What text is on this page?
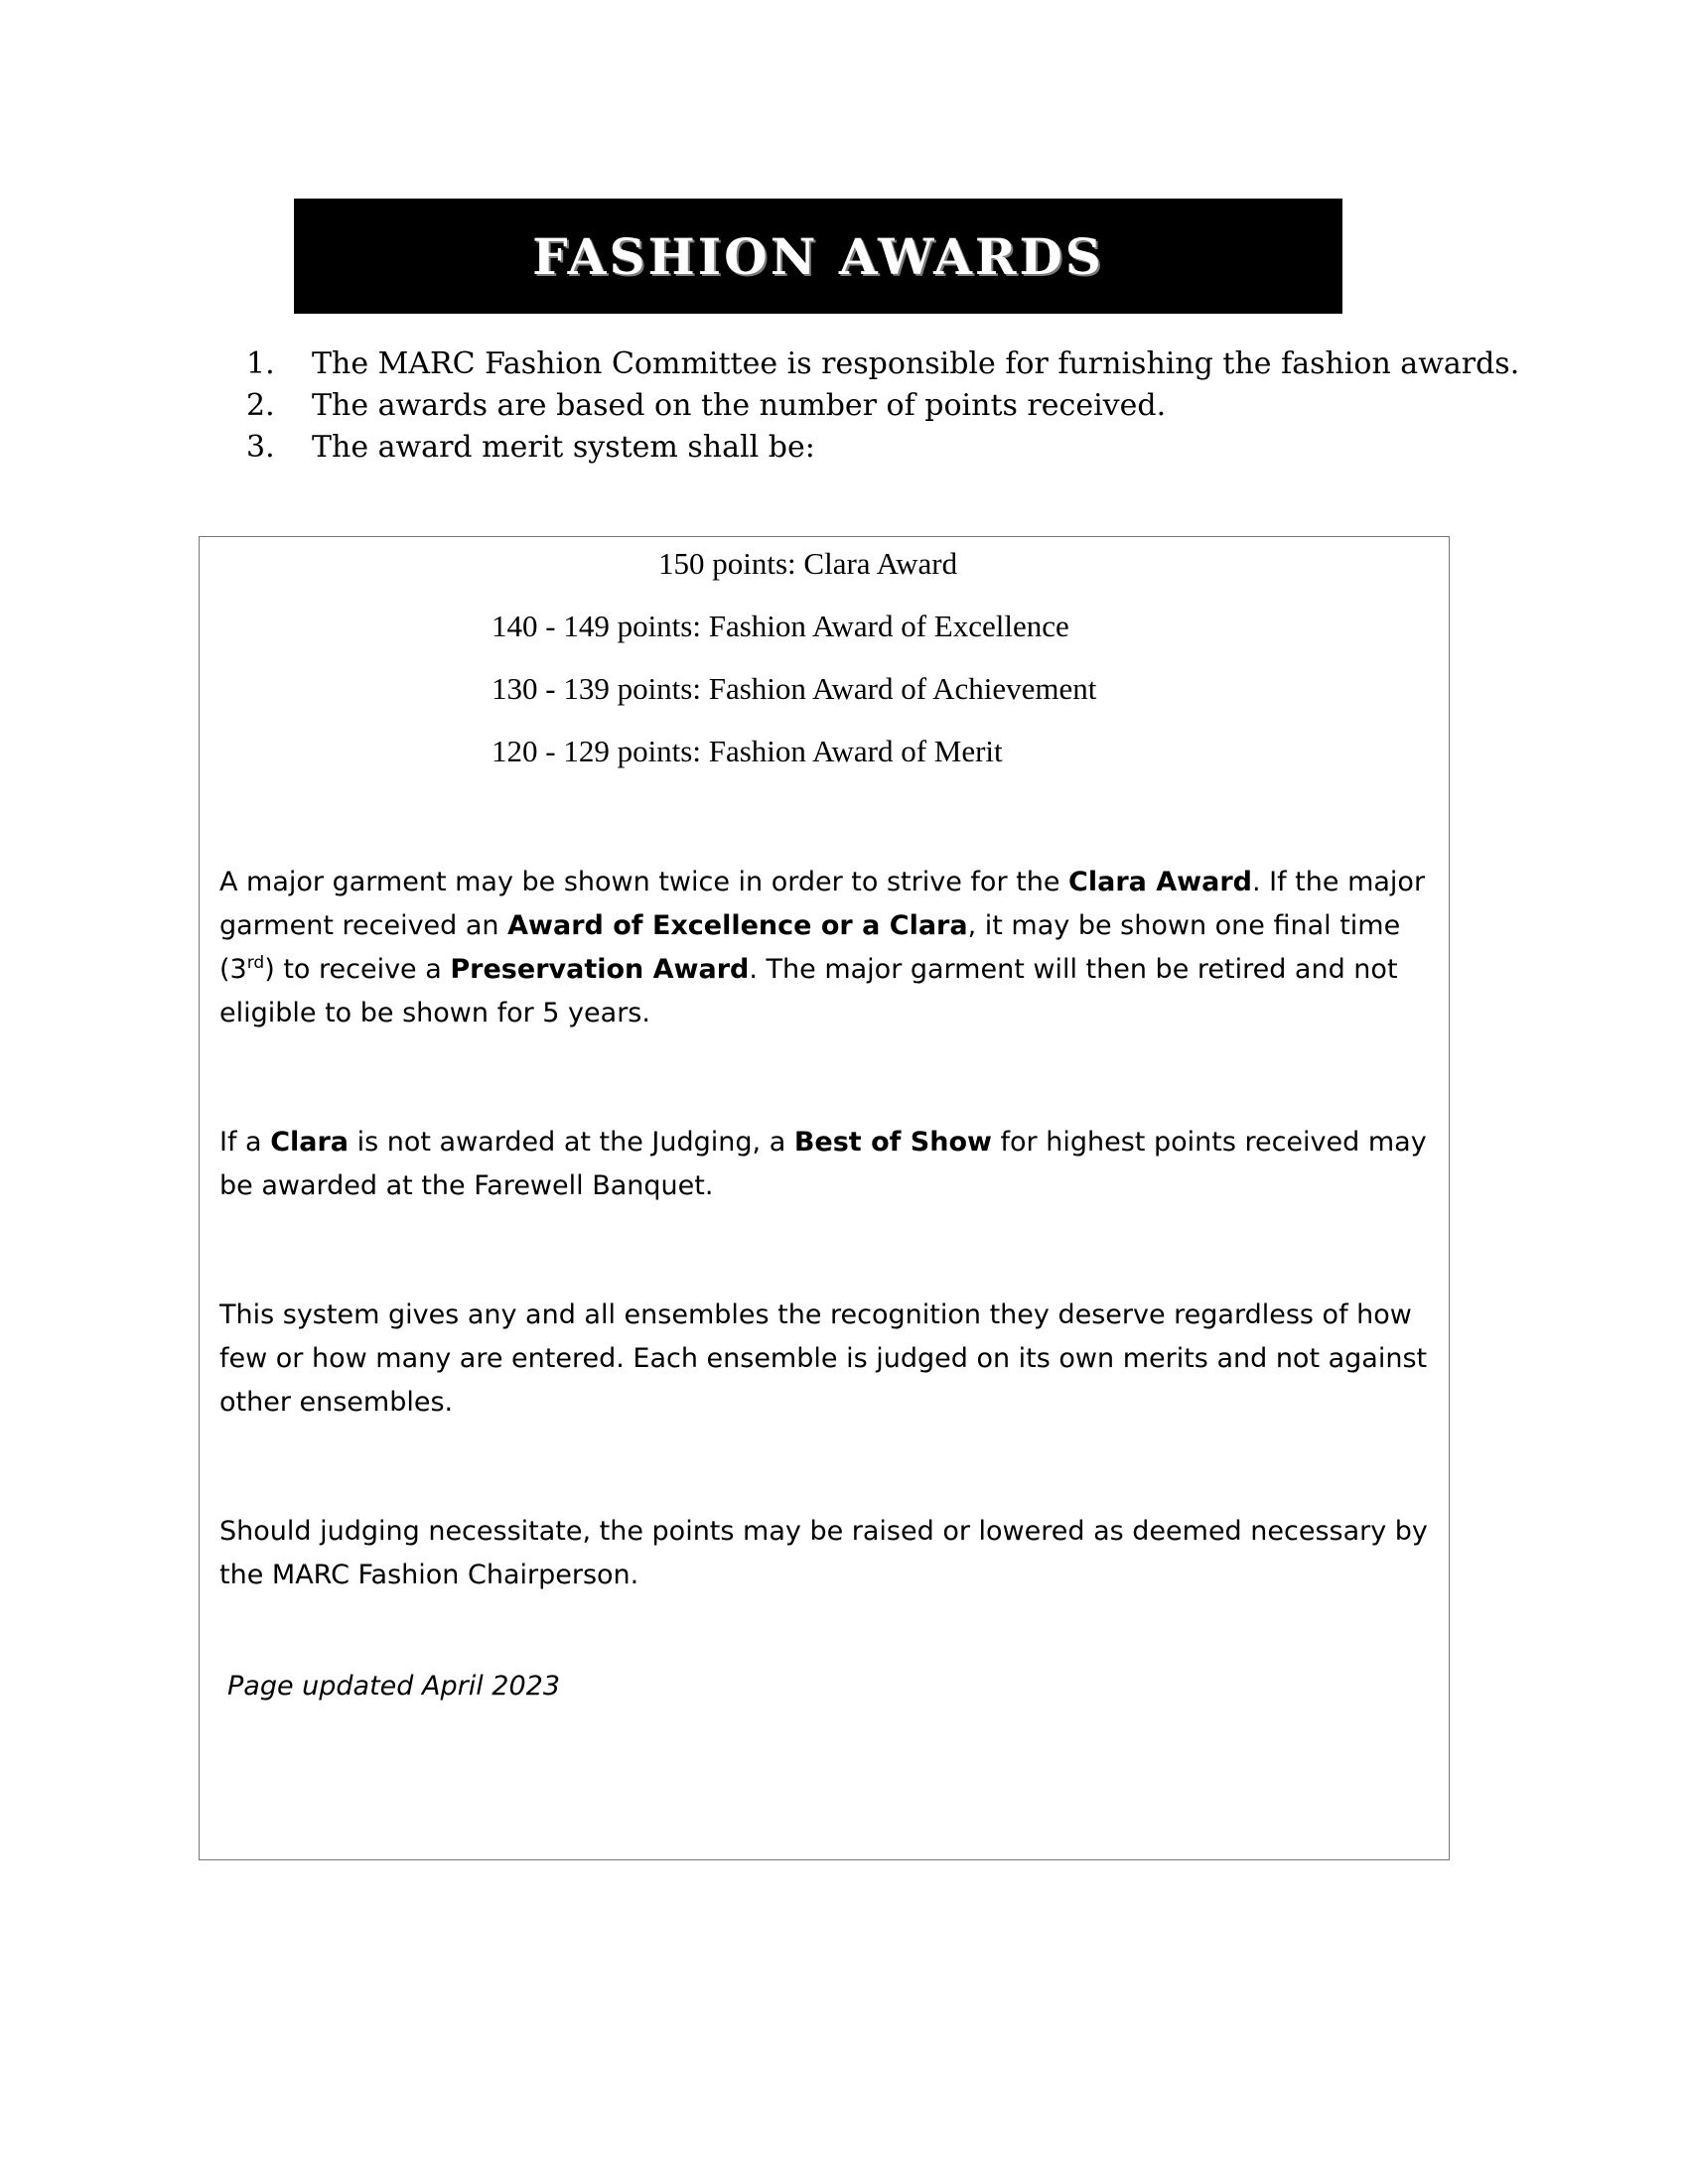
FASHION AWARDS
1.	The MARC Fashion Committee is responsible for furnishing the fashion awards.
2.	The awards are based on the number of points received.
3.	The award merit system shall be:
150 points: Clara Award
140 - 149 points: Fashion Award of Excellence
130 - 139 points: Fashion Award of Achievement
120 - 129 points: Fashion Award of Merit
A major garment may be shown twice in order to strive for the Clara Award. If the major garment received an Award of Excellence or a Clara, it may be shown one final time (3rd) to receive a Preservation Award. The major garment will then be retired and not eligible to be shown for 5 years.
If a Clara is not awarded at the Judging, a Best of Show for highest points received may be awarded at the Farewell Banquet.
This system gives any and all ensembles the recognition they deserve regardless of how few or how many are entered. Each ensemble is judged on its own merits and not against other ensembles.
Should judging necessitate, the points may be raised or lowered as deemed necessary by the MARC Fashion Chairperson.
Page updated April 2023
